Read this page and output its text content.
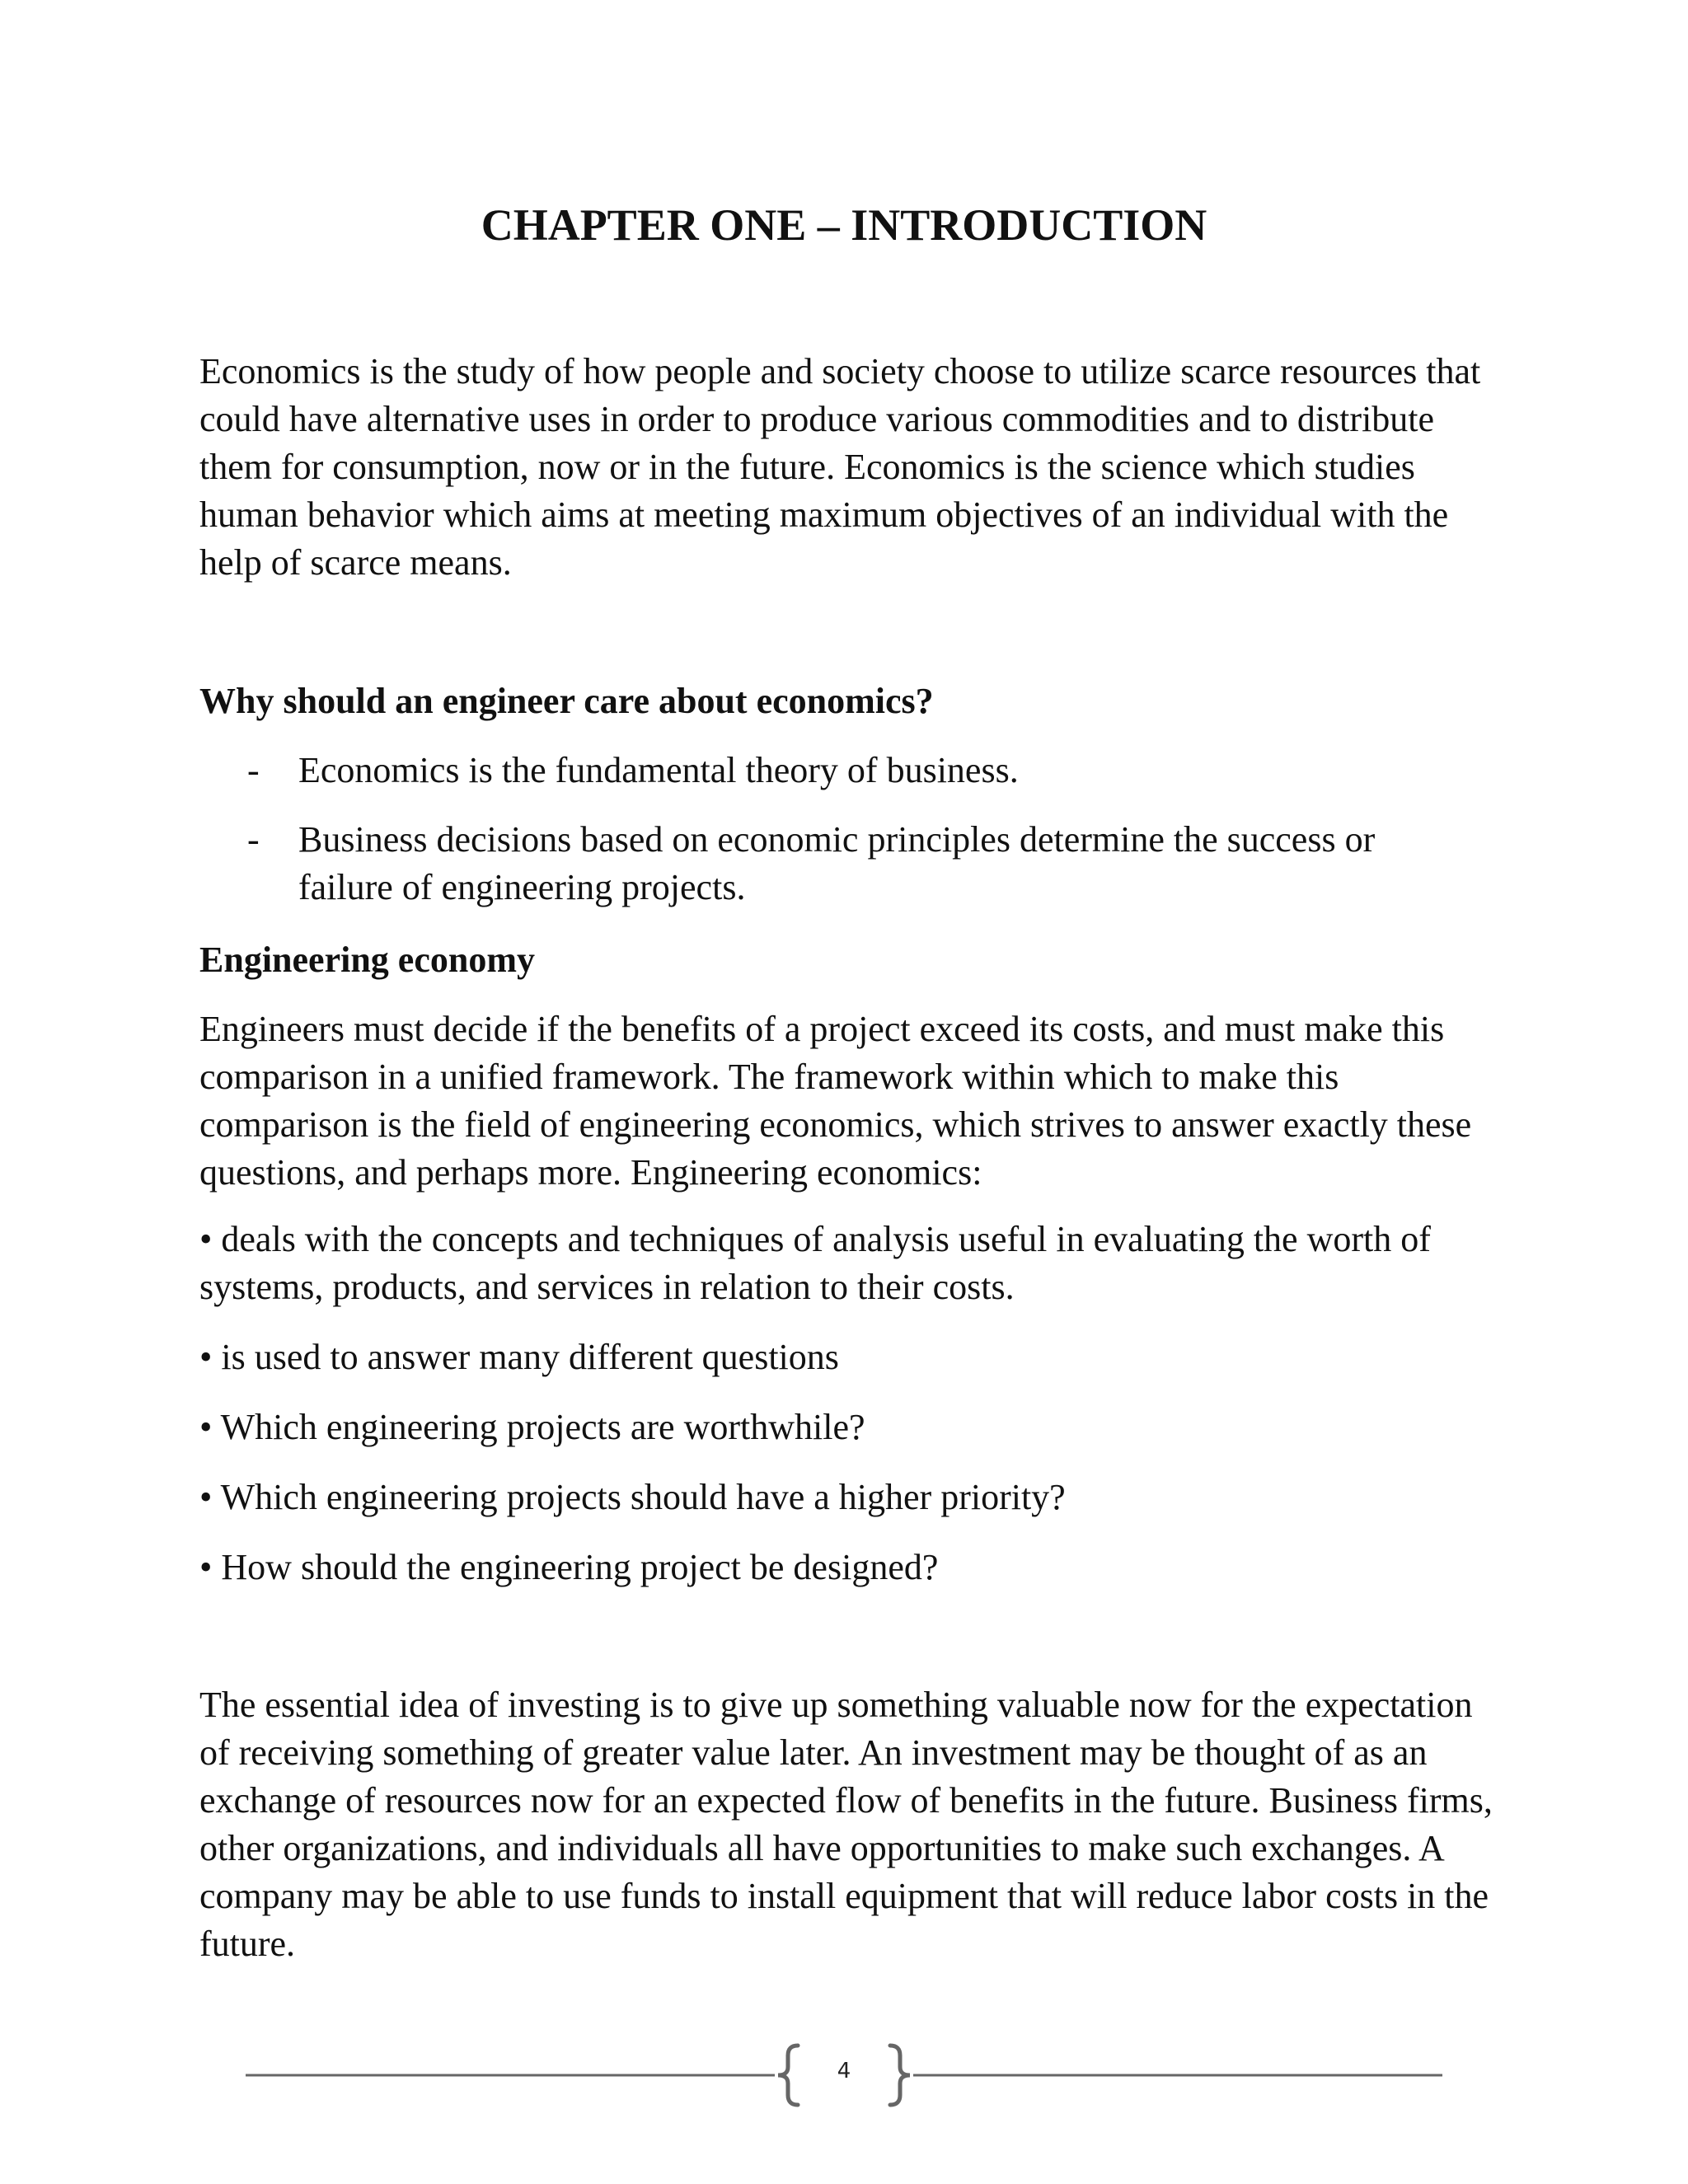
CHAPTER ONE – INTRODUCTION

Economics is the study of how people and society choose to utilize scarce resources that could have alternative uses in order to produce various commodities and to distribute them for consumption, now or in the future. Economics is the science which studies human behavior which aims at meeting maximum objectives of an individual with the help of scarce means.

Why should an engineer care about economics?

- Economics is the fundamental theory of business.
- Business decisions based on economic principles determine the success or failure of engineering projects.

Engineering economy

Engineers must decide if the benefits of a project exceed its costs, and must make this comparison in a unified framework. The framework within which to make this comparison is the field of engineering economics, which strives to answer exactly these questions, and perhaps more. Engineering economics:

• deals with the concepts and techniques of analysis useful in evaluating the worth of systems, products, and services in relation to their costs.

• is used to answer many different questions

• Which engineering projects are worthwhile?

• Which engineering projects should have a higher priority?

• How should the engineering project be designed?

The essential idea of investing is to give up something valuable now for the expectation of receiving something of greater value later. An investment may be thought of as an exchange of resources now for an expected flow of benefits in the future. Business firms, other organizations, and individuals all have opportunities to make such exchanges. A company may be able to use funds to install equipment that will reduce labor costs in the future.

4
